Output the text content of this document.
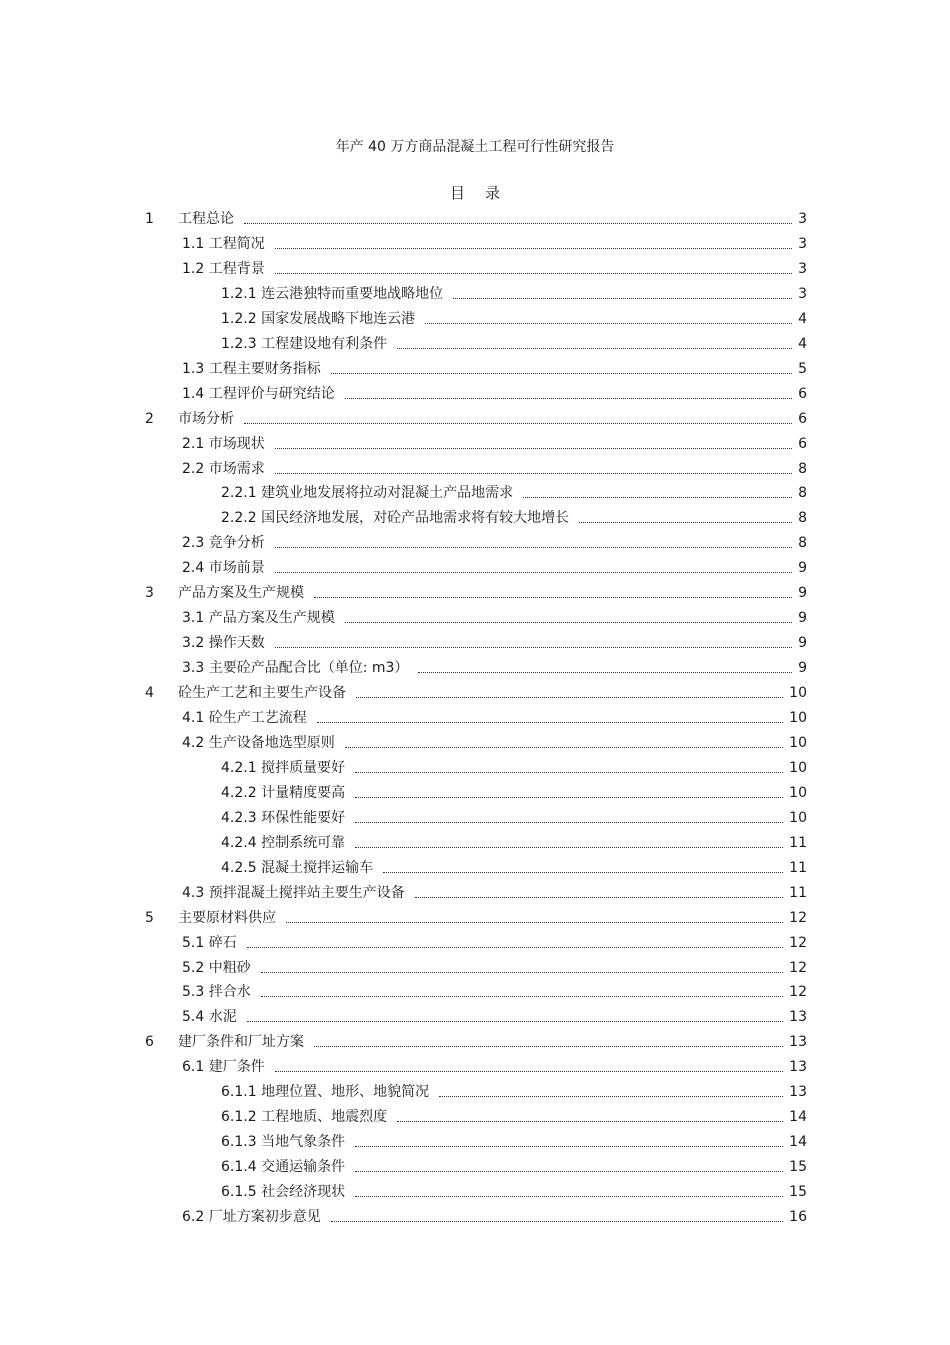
年产 40 万方商品混凝土工程可行性研究报告
目录
1 工程总论	3
1.1 工程简况	3
1.2 工程背景	3
1.2.1 连云港独特而重要地战略地位	3
1.2.2 国家发展战略下地连云港	4
1.2.3 工程建设地有利条件	4
1.3 工程主要财务指标	5
1.4 工程评价与研究结论	6
2 市场分析	6
2.1 市场现状	6
2.2 市场需求	8
2.2.1 建筑业地发展将拉动对混凝土产品地需求	8
2.2.2 国民经济地发展，对砼产品地需求将有较大地增长	8
2.3 竞争分析	8
2.4 市场前景	9
3 产品方案及生产规模	9
3.1 产品方案及生产规模	9
3.2 操作天数	9
3.3 主要砼产品配合比（单位: m3）	9
4 砼生产工艺和主要生产设备	10
4.1 砼生产工艺流程	10
4.2 生产设备地选型原则	10
4.2.1 搅拌质量要好	10
4.2.2 计量精度要高	10
4.2.3 环保性能要好	10
4.2.4 控制系统可靠	11
4.2.5 混凝土搅拌运输车	11
4.3 预拌混凝土搅拌站主要生产设备	11
5 主要原材料供应	12
5.1 碎石	12
5.2 中粗砂	12
5.3 拌合水	12
5.4 水泥	13
6 建厂条件和厂址方案	13
6.1 建厂条件	13
6.1.1 地理位置、地形、地貌简况	13
6.1.2 工程地质、地震烈度	14
6.1.3 当地气象条件	14
6.1.4 交通运输条件	15
6.1.5 社会经济现状	15
6.2 厂址方案初步意见	16
